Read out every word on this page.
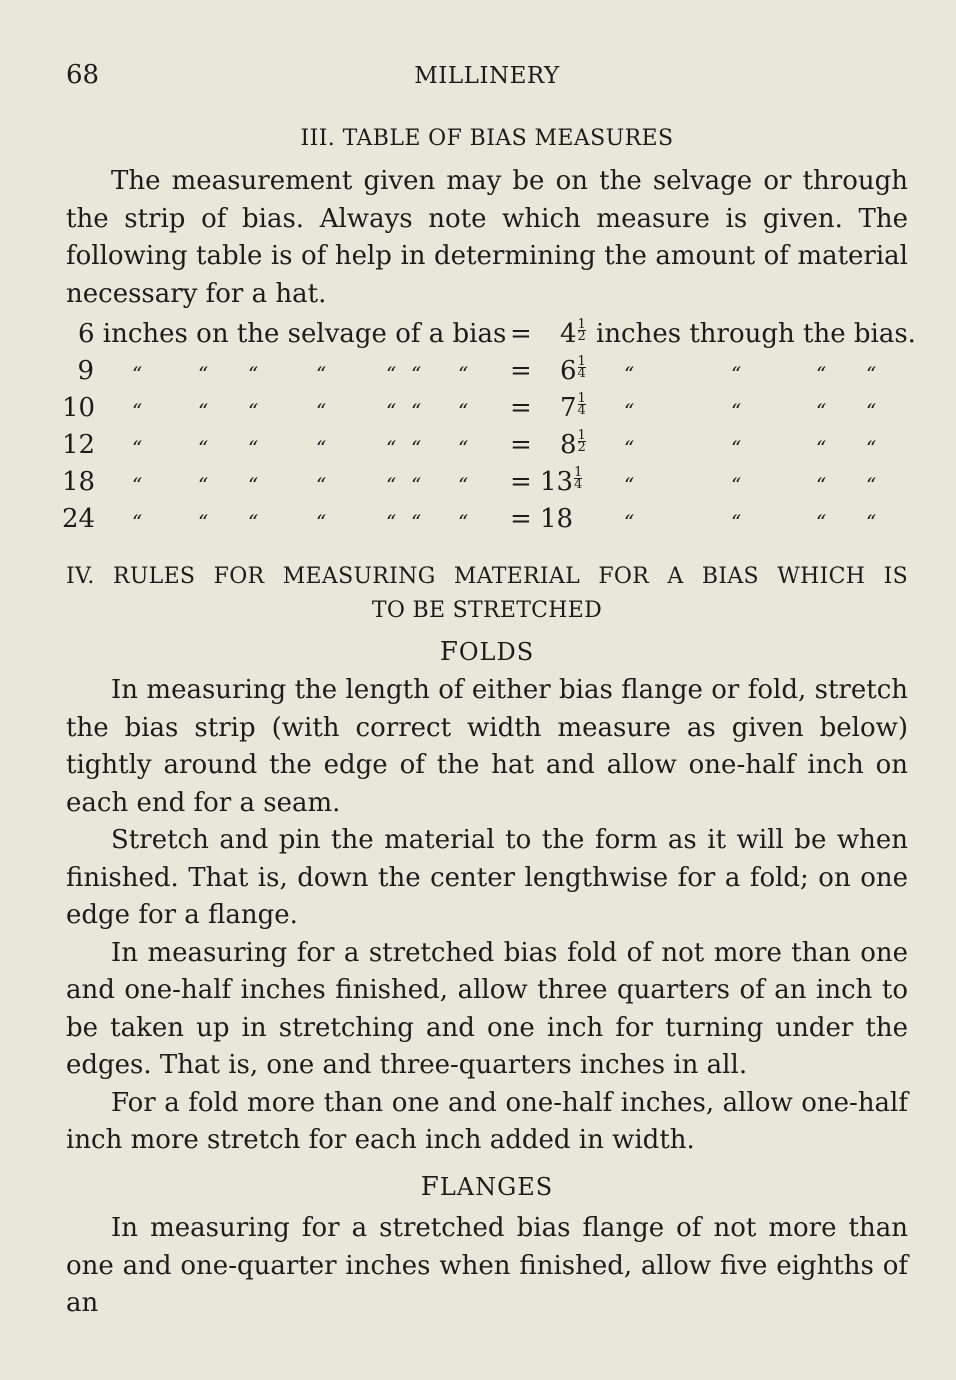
68	MILLINERY
III. TABLE OF BIAS MEASURES

The measurement given may be on the selvage or through the strip of bias. Always note which measure is given. The following table is of help in determining the amount of material necessary for a hat.

6 inches on the selvage of a bias = $4 \frac{1}{2}$ inches through the bias.
9 “	“ “	“	“ “ “ = $6 \frac{1}{4}$ “	“	“ “
10 “	“ “	“	“ “ “ = $7 \frac{1}{4}$ “	“	“ “
12 “	“ “	“	“ “ “ = $8 \frac{1}{2}$ “	“	“ “
18 “	“ “	“	“ “ “ = $13 \frac{1}{4}$ “	“	“ “
24 “	“ “	“	“ “ “ = 18	“	“	“ “
IV. RULES FOR MEASURING MATERIAL FOR A BIAS WHICH IS
TO BE STRETCHED
FOLDS

In measuring the length of either bias flange or fold, stretch the bias strip (with correct width measure as given below) tightly around the edge of the hat and allow one-half inch on each end for a seam.

Stretch and pin the material to the form as it will be when finished. That is, down the center lengthwise for a fold; on one edge for a flange.

In measuring for a stretched bias fold of not more than one and one-half inches finished, allow three quarters of an inch to be taken up in stretching and one inch for turning under the edges. That is, one and three-quarters inches in all.

For a fold more than one and one-half inches, allow one-half inch more stretch for each inch added in width.

FLANGES

In measuring for a stretched bias flange of not more than one and one-quarter inches when finished, allow five eighths of an
